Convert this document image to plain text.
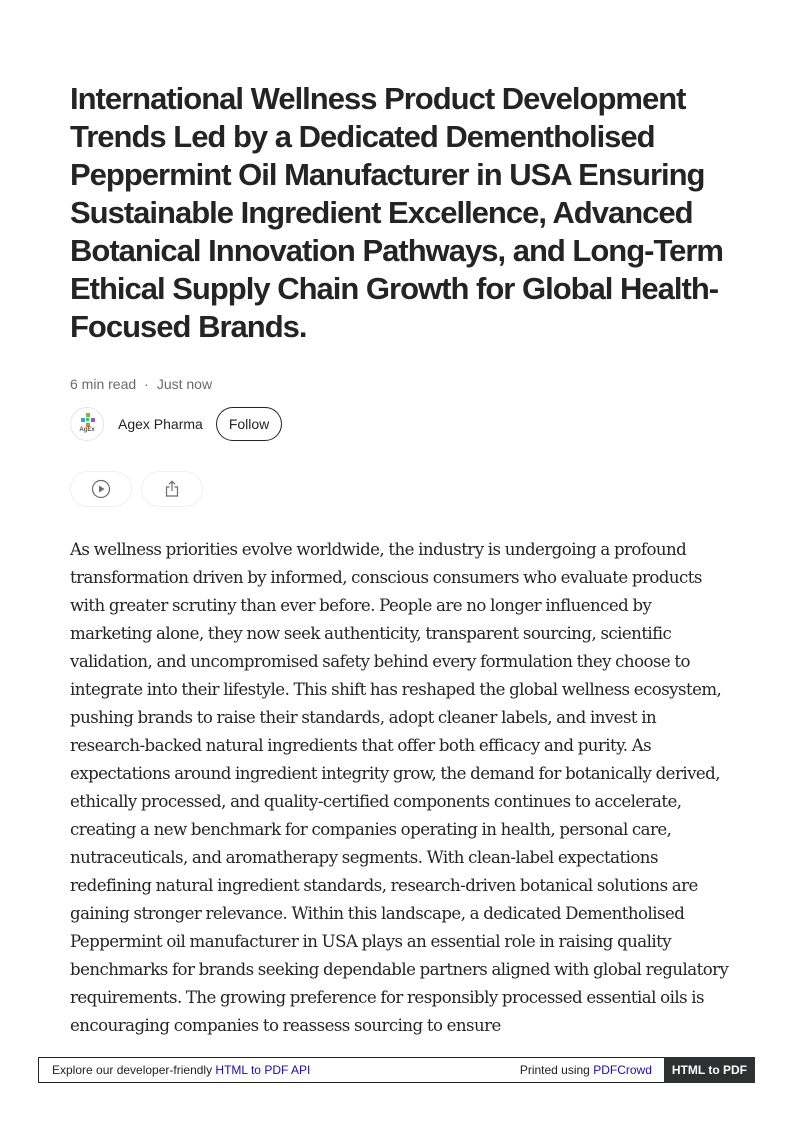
International Wellness Product Development Trends Led by a Dedicated Dementholised Peppermint Oil Manufacturer in USA Ensuring Sustainable Ingredient Excellence, Advanced Botanical Innovation Pathways, and Long-Term Ethical Supply Chain Growth for Global Health-Focused Brands.
6 min read · Just now
AgEx	Agex Pharma	Follow

As wellness priorities evolve worldwide, the industry is undergoing a profound transformation driven by informed, conscious consumers who evaluate products with greater scrutiny than ever before. People are no longer influenced by marketing alone, they now seek authenticity, transparent sourcing, scientific validation, and uncompromised safety behind every formulation they choose to integrate into their lifestyle. This shift has reshaped the global wellness ecosystem, pushing brands to raise their standards, adopt cleaner labels, and invest in research-backed natural ingredients that offer both efficacy and purity. As expectations around ingredient integrity grow, the demand for botanically derived, ethically processed, and quality-certified components continues to accelerate, creating a new benchmark for companies operating in health, personal care, nutraceuticals, and aromatherapy segments. With clean-label expectations redefining natural ingredient standards, research-driven botanical solutions are gaining stronger relevance. Within this landscape, a dedicated Dementholised Peppermint oil manufacturer in USA plays an essential role in raising quality benchmarks for brands seeking dependable partners aligned with global regulatory requirements. The growing preference for responsibly processed essential oils is encouraging companies to reassess sourcing to ensure

Explore our developer-friendly HTML to PDF API	Printed using PDFCrowd	HTML to PDF
